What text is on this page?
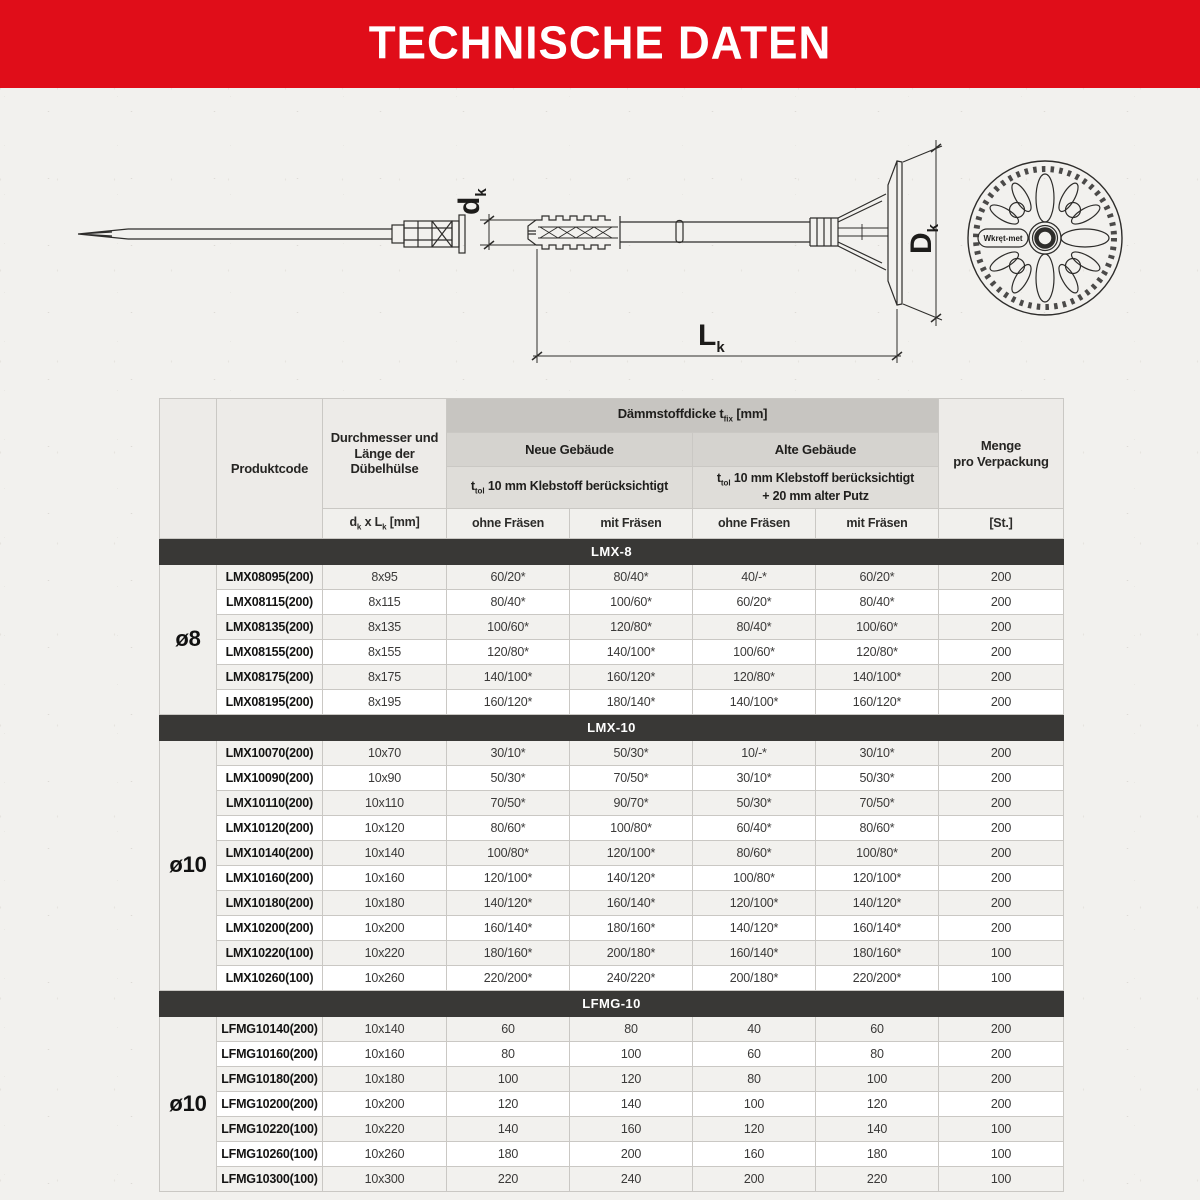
TECHNISCHE DATEN
$d_k$
$D_k$
$L_k$
Wkręt-met
	Produktcode	Durchmesser und Länge der Dübelhülse	Dämmstoffdicke $t_{fix}$ [mm]				Menge
pro Verpackung

			Neue Gebäude		Alte Gebäude		
			$t_{tol}$ 10 mm Klebstoff berücksichtigt		$t_{tol}$ 10 mm Klebstoff berücksichtigt
+ 20 mm alter Putz		

		$d_k$ x $L_k$ [mm]	ohne Fräsen	mit Fräsen	ohne Fräsen	mit Fräsen	[St.]
LMX-8							
ø8	LMX08095(200)	8x95	60/20*	80/40*	40/-*	60/20*	200
	LMX08115(200)	8x115	80/40*	100/60*	60/20*	80/40*	200
	LMX08135(200)	8x135	100/60*	120/80*	80/40*	100/60*	200
	LMX08155(200)	8x155	120/80*	140/100*	100/60*	120/80*	200
	LMX08175(200)	8x175	140/100*	160/120*	120/80*	140/100*	200
	LMX08195(200)	8x195	160/120*	180/140*	140/100*	160/120*	200
LMX-10							
ø10	LMX10070(200)	10x70	30/10*	50/30*	10/-*	30/10*	200
	LMX10090(200)	10x90	50/30*	70/50*	30/10*	50/30*	200
	LMX10110(200)	10x110	70/50*	90/70*	50/30*	70/50*	200
	LMX10120(200)	10x120	80/60*	100/80*	60/40*	80/60*	200
	LMX10140(200)	10x140	100/80*	120/100*	80/60*	100/80*	200
	LMX10160(200)	10x160	120/100*	140/120*	100/80*	120/100*	200
	LMX10180(200)	10x180	140/120*	160/140*	120/100*	140/120*	200
	LMX10200(200)	10x200	160/140*	180/160*	140/120*	160/140*	200
	LMX10220(100)	10x220	180/160*	200/180*	160/140*	180/160*	100
	LMX10260(100)	10x260	220/200*	240/220*	200/180*	220/200*	100
LFMG-10							
ø10	LFMG10140(200)	10x140	60	80	40	60	200
	LFMG10160(200)	10x160	80	100	60	80	200
	LFMG10180(200)	10x180	100	120	80	100	200
	LFMG10200(200)	10x200	120	140	100	120	200
	LFMG10220(100)	10x220	140	160	120	140	100
	LFMG10260(100)	10x260	180	200	160	180	100
	LFMG10300(100)	10x300	220	240	200	220	100
